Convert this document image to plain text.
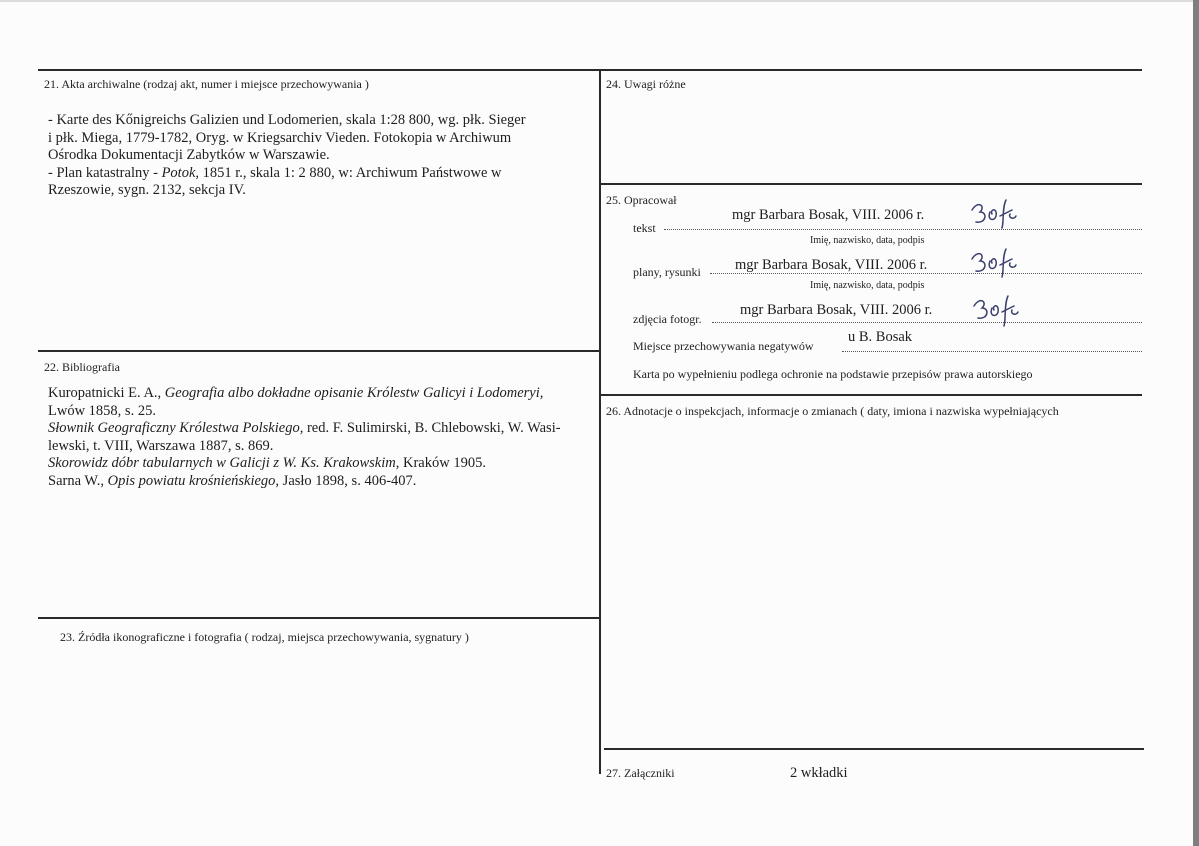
21. Akta archiwalne (rodzaj akt, numer i miejsce przechowywania )

- Karte des Kőnigreichs Galizien und Lodomerien, skala 1:28 800, wg. płk. Sieger

i płk. Miega, 1779-1782, Oryg. w Kriegsarchiv Vieden. Fotokopia w Archiwum

Ośrodka Dokumentacji Zabytków w Warszawie.

- Plan katastralny - Potok, 1851 r., skala 1: 2 880, w: Archiwum Państwowe w

Rzeszowie, sygn. 2132, sekcja IV.

22. Bibliografia

Kuropatnicki E. A., Geografia albo dokładne opisanie Królestw Galicyi i Lodomeryi,
Lwów 1858, s. 25.

Słownik Geograficzny Królestwa Polskiego, red. F. Sulimirski, B. Chlebowski, W. Wasi-
lewski, t. VIII, Warszawa 1887, s. 869.

Skorowidz dóbr tabularnych w Galicji z W. Ks. Krakowskim, Kraków 1905.

Sarna W., Opis powiatu krośnieńskiego, Jasło 1898, s. 406-407.

23. Źródła ikonograficzne i fotografia ( rodzaj, miejsca przechowywania, sygnatury )
24. Uwagi różne
25. Opracował
tekst
mgr Barbara Bosak, VIII. 2006 r.
Imię, nazwisko, data, podpis
plany, rysunki mgr Barbara Bosak, VIII. 2006 r.
Imię, nazwisko, data, podpis
zdjęcia fotogr.
mgr Barbara Bosak, VIII. 2006 r.
Miejsce przechowywania negatywów
u B. Bosak
Karta po wypełnieniu podlega ochronie na podstawie przepisów prawa autorskiego
26. Adnotacje o inspekcjach, informacje o zmianach ( daty, imiona i nazwiska wypełniających
27. Załączniki	2 wkładki
